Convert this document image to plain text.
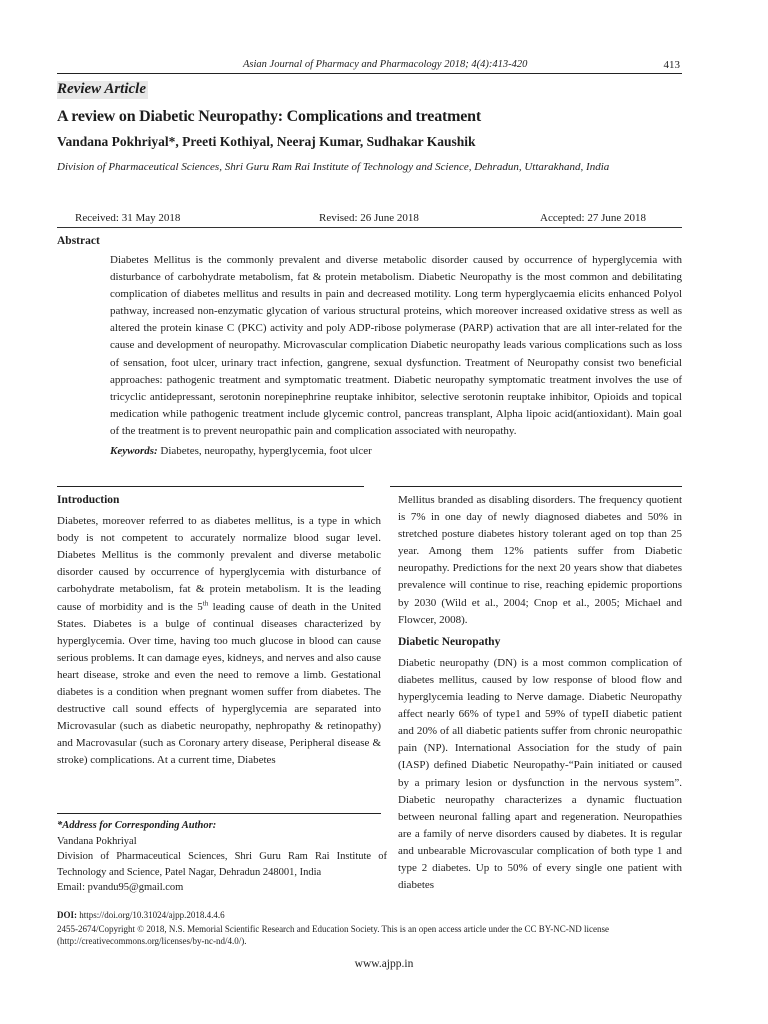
Asian Journal of Pharmacy and Pharmacology 2018; 4(4):413-420	413
Review Article
A review on Diabetic Neuropathy: Complications and treatment
Vandana Pokhriyal*, Preeti Kothiyal, Neeraj Kumar, Sudhakar Kaushik
Division of Pharmaceutical Sciences, Shri Guru Ram Rai Institute of Technology and Science, Dehradun, Uttarakhand, India
Received: 31 May 2018	Revised: 26 June 2018	Accepted: 27 June 2018
Abstract

Diabetes Mellitus is the commonly prevalent and diverse metabolic disorder caused by occurrence of hyperglycemia with disturbance of carbohydrate metabolism, fat & protein metabolism. Diabetic Neuropathy is the most common and debilitating complication of diabetes mellitus and results in pain and decreased motility. Long term hyperglycaemia elicits enhanced Polyol pathway, increased non-enzymatic glycation of various structural proteins, which moreover increased oxidative stress as well as altered the protein kinase C (PKC) activity and poly ADP-ribose polymerase (PARP) activation that are all inter-related for the cause and development of neuropathy. Microvascular complication Diabetic neuropathy leads various complications such as loss of sensation, foot ulcer, urinary tract infection, gangrene, sexual dysfunction. Treatment of Neuropathy consist two beneficial approaches: pathogenic treatment and symptomatic treatment. Diabetic neuropathy symptomatic treatment involves the use of tricyclic antidepressant, serotonin norepinephrine reuptake inhibitor, selective serotonin reuptake inhibitor, Opioids and topical medication while pathogenic treatment include glycemic control, pancreas transplant, Alpha lipoic acid(antioxidant). Main goal of the treatment is to prevent neuropathic pain and complication associated with neuropathy.

Keywords: Diabetes, neuropathy, hyperglycemia, foot ulcer

Introduction

Diabetes, moreover referred to as diabetes mellitus, is a type in which body is not competent to accurately normalize blood sugar level. Diabetes Mellitus is the commonly prevalent and diverse metabolic disorder caused by occurrence of hyperglycemia with disturbance of carbohydrate metabolism, fat & protein metabolism. It is the leading cause of morbidity and is the 5th leading cause of death in the United States. Diabetes is a bulge of continual diseases characterized by hyperglycemia. Over time, having too much glucose in blood can cause serious problems. It can damage eyes, kidneys, and nerves and also cause heart disease, stroke and even the need to remove a limb. Gestational diabetes is a condition when pregnant women suffer from diabetes. The destructive call sound effects of hyperglycemia are separated into Microvasular (such as diabetic neuropathy, nephropathy & retinopathy) and Macrovasular (such as Coronary artery disease, Peripheral disease & stroke) complications. At a current time, Diabetes

Mellitus branded as disabling disorders. The frequency quotient is 7% in one day of newly diagnosed diabetes and 50% in stretched posture diabetes history tolerant aged on top than 25 year. Among them 12% patients suffer from Diabetic neuropathy. Predictions for the next 20 years show that diabetes prevalence will continue to rise, reaching epidemic proportions by 2030 (Wild et al., 2004; Cnop et al., 2005; Michael and Flowcer, 2008).

Diabetic Neuropathy

Diabetic neuropathy (DN) is a most common complication of diabetes mellitus, caused by low response of blood flow and hyperglycemia leading to Nerve damage. Diabetic Neuropathy affect nearly 66% of type1 and 59% of typeII diabetic patient and 20% of all diabetic patients suffer from chronic neuropathic pain (NP). International Association for the study of pain (IASP) defined Diabetic Neuropathy-“Pain initiated or caused by a primary lesion or dysfunction in the nervous system”. Diabetic neuropathy characterizes a dynamic fluctuation between neuronal falling apart and regeneration. Neuropathies are a family of nerve disorders caused by diabetes. It is regular and unbearable Microvascular complication of both type 1 and type 2 diabetes. Up to 50% of every single one patient with diabetes

*Address for Corresponding Author:
Vandana Pokhriyal
Division of Pharmaceutical Sciences, Shri Guru Ram Rai Institute of Technology and Science, Patel Nagar, Dehradun 248001, India
Email: pvandu95@gmail.com
DOI: https://doi.org/10.31024/ajpp.2018.4.4.6
2455-2674/Copyright © 2018, N.S. Memorial Scientific Research and Education Society. This is an open access article under the CC BY-NC-ND license (http://creativecommons.org/licenses/by-nc-nd/4.0/).
www.ajpp.in
